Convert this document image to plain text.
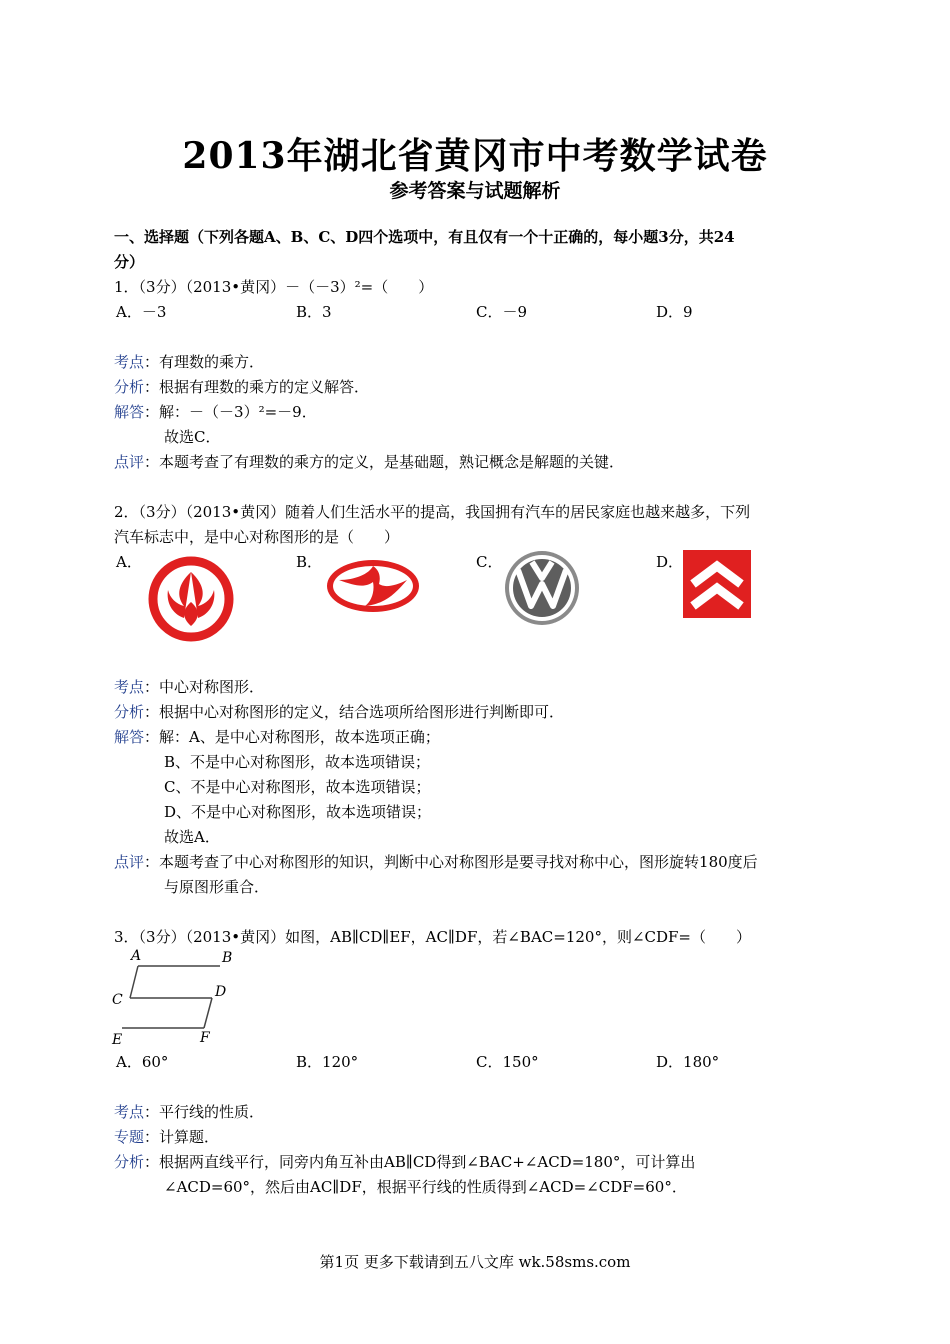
2013年湖北省黄冈市中考数学试卷
参考答案与试题解析
一、选择题（下列各题A、B、C、D四个选项中，有且仅有一个十正确的，每小题3分，共24
分）
1．（3分）（2013•黄冈）－（－3）²=（　　）
A．－3	B．3	C．－9	D．9
考点：有理数的乘方．
分析：根据有理数的乘方的定义解答．
解答：解：－（－3）²=－9．
故选C．
点评：本题考查了有理数的乘方的定义，是基础题，熟记概念是解题的关键．
2．（3分）（2013•黄冈）随着人们生活水平的提高，我国拥有汽车的居民家庭也越来越多，下列
汽车标志中，是中心对称图形的是（　　）
A．	B．	C．	D．
考点：中心对称图形．
分析：根据中心对称图形的定义，结合选项所给图形进行判断即可．
解答：解：A、是中心对称图形，故本选项正确；
B、不是中心对称图形，故本选项错误；
C、不是中心对称图形，故本选项错误；
D、不是中心对称图形，故本选项错误；
故选A．
点评：本题考查了中心对称图形的知识，判断中心对称图形是要寻找对称中心，图形旋转180度后
与原图形重合．
3．（3分）（2013•黄冈）如图，AB∥CD∥EF，AC∥DF，若∠BAC=120°，则∠CDF=（　　）
A	B
C	D
E	F
A．60°	B．120°	C．150°	D．180°
考点：平行线的性质．
专题：计算题．
分析：根据两直线平行，同旁内角互补由AB∥CD得到∠BAC+∠ACD=180°，可计算出
∠ACD=60°，然后由AC∥DF，根据平行线的性质得到∠ACD=∠CDF=60°．
第1页 更多下载请到五八文库 wk.58sms.com
